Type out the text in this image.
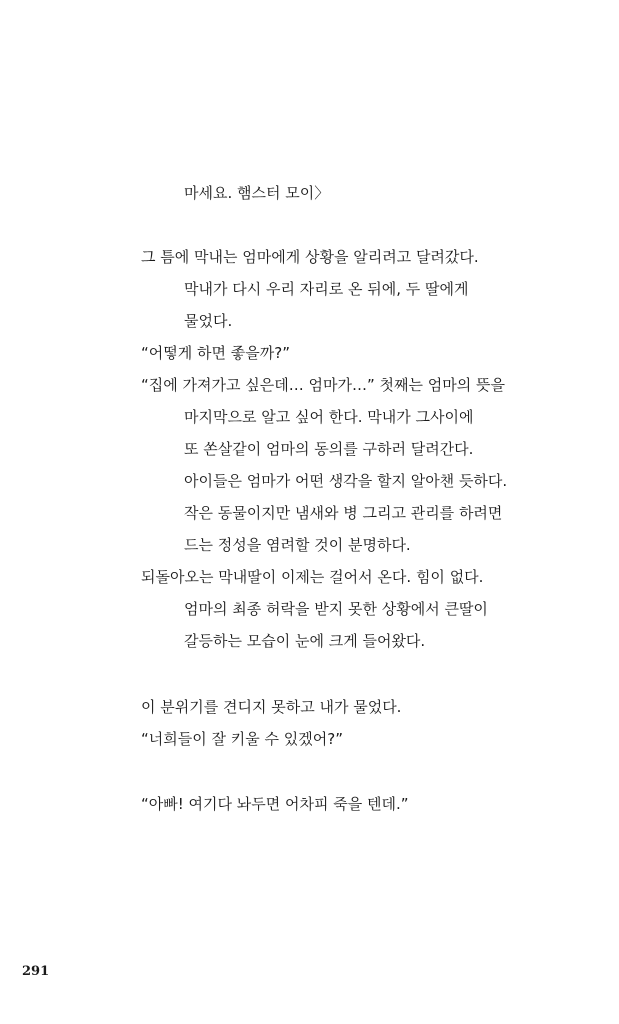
마세요. 햄스터 모이〉
그 틈에 막내는 엄마에게 상황을 알리려고 달려갔다.
막내가 다시 우리 자리로 온 뒤에, 두 딸에게
물었다.
“어떻게 하면 좋을까?”
“집에 가져가고 싶은데… 엄마가…” 첫째는 엄마의 뜻을
마지막으로 알고 싶어 한다. 막내가 그사이에
또 쏜살같이 엄마의 동의를 구하러 달려간다.
아이들은 엄마가 어떤 생각을 할지 알아챈 듯하다.
작은 동물이지만 냄새와 병 그리고 관리를 하려면
드는 정성을 염려할 것이 분명하다.
되돌아오는 막내딸이 이제는 걸어서 온다. 힘이 없다.
엄마의 최종 허락을 받지 못한 상황에서 큰딸이
갈등하는 모습이 눈에 크게 들어왔다.
이 분위기를 견디지 못하고 내가 물었다.
“너희들이 잘 키울 수 있겠어?”
“아빠! 여기다 놔두면 어차피 죽을 텐데.”
291
